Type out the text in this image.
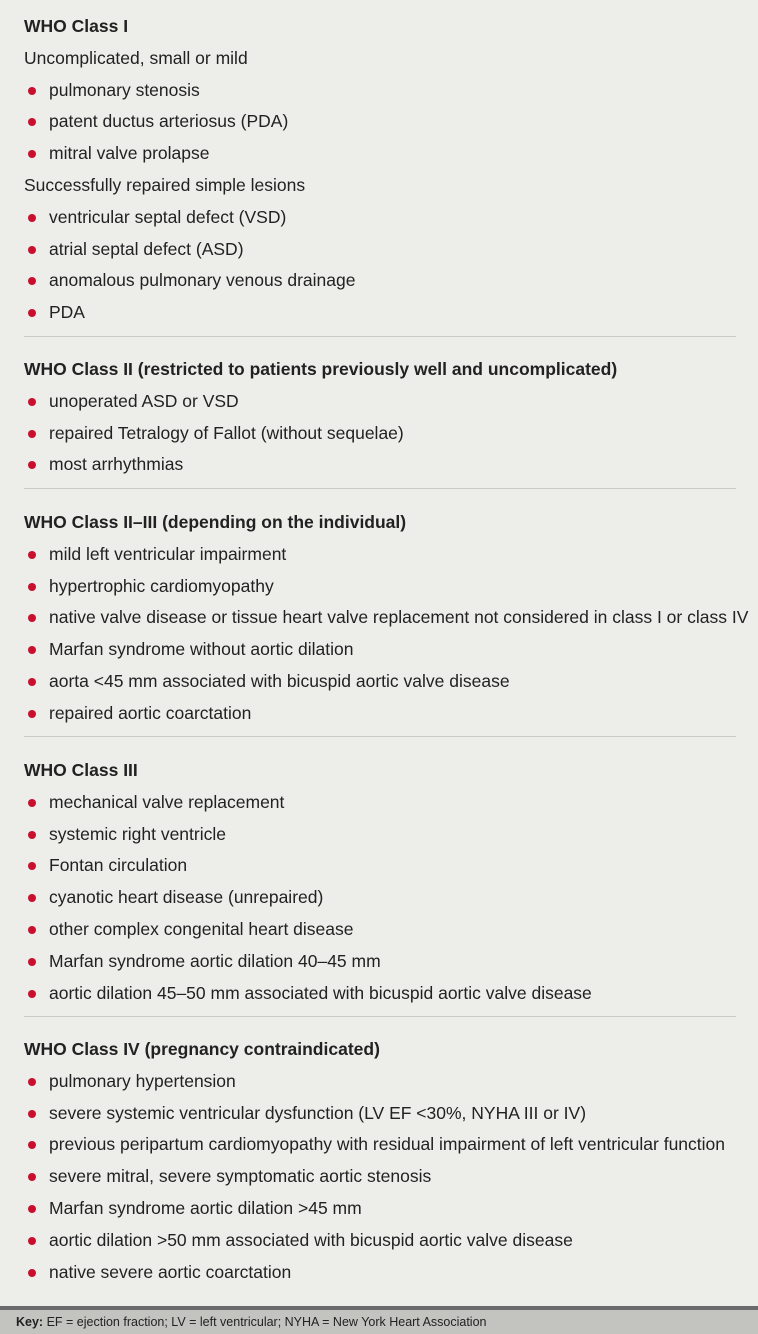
WHO Class I
Uncomplicated, small or mild
pulmonary stenosis
patent ductus arteriosus (PDA)
mitral valve prolapse
Successfully repaired simple lesions
ventricular septal defect (VSD)
atrial septal defect (ASD)
anomalous pulmonary venous drainage
PDA
WHO Class II (restricted to patients previously well and uncomplicated)
unoperated ASD or VSD
repaired Tetralogy of Fallot (without sequelae)
most arrhythmias
WHO Class II–III (depending on the individual)
mild left ventricular impairment
hypertrophic cardiomyopathy
native valve disease or tissue heart valve replacement not considered in class I or class IV
Marfan syndrome without aortic dilation
aorta <45 mm associated with bicuspid aortic valve disease
repaired aortic coarctation
WHO Class III
mechanical valve replacement
systemic right ventricle
Fontan circulation
cyanotic heart disease (unrepaired)
other complex congenital heart disease
Marfan syndrome aortic dilation 40–45 mm
aortic dilation 45–50 mm associated with bicuspid aortic valve disease
WHO Class IV (pregnancy contraindicated)
pulmonary hypertension
severe systemic ventricular dysfunction (LV EF <30%, NYHA III or IV)
previous peripartum cardiomyopathy with residual impairment of left ventricular function
severe mitral, severe symptomatic aortic stenosis
Marfan syndrome aortic dilation >45 mm
aortic dilation >50 mm associated with bicuspid aortic valve disease
native severe aortic coarctation
Key: EF = ejection fraction; LV = left ventricular; NYHA = New York Heart Association
